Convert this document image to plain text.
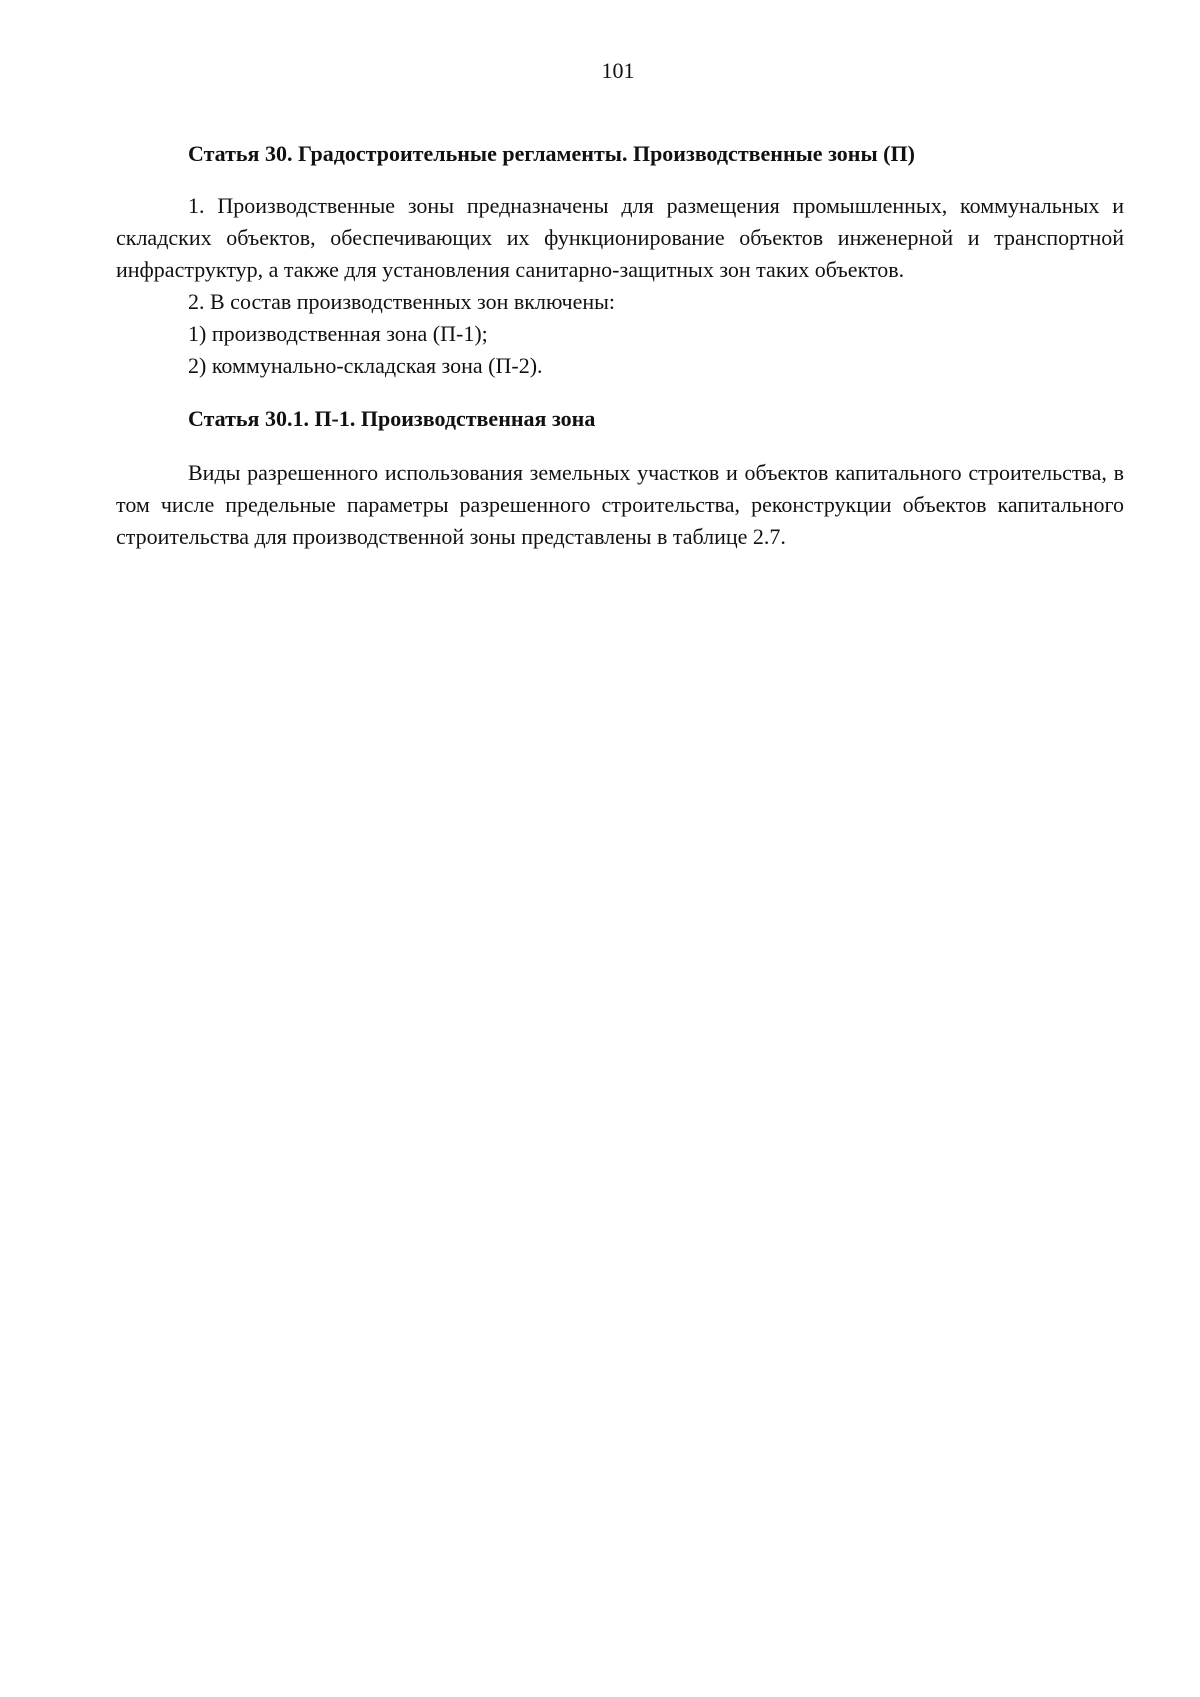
101

Статья 30. Градостроительные регламенты. Производственные зоны (П)

1. Производственные зоны предназначены для размещения промышленных, коммунальных и складских объектов, обеспечивающих их функционирование объектов инженерной и транспортной инфраструктур, а также для установления санитарно-защитных зон таких объектов.

2. В состав производственных зон включены:

1) производственная зона (П-1);

2) коммунально-складская зона (П-2).

Статья 30.1. П-1. Производственная зона

Виды разрешенного использования земельных участков и объектов капитального строительства, в том числе предельные параметры разрешенного строительства, реконструкции объектов капитального строительства для производственной зоны представлены в таблице 2.7.
